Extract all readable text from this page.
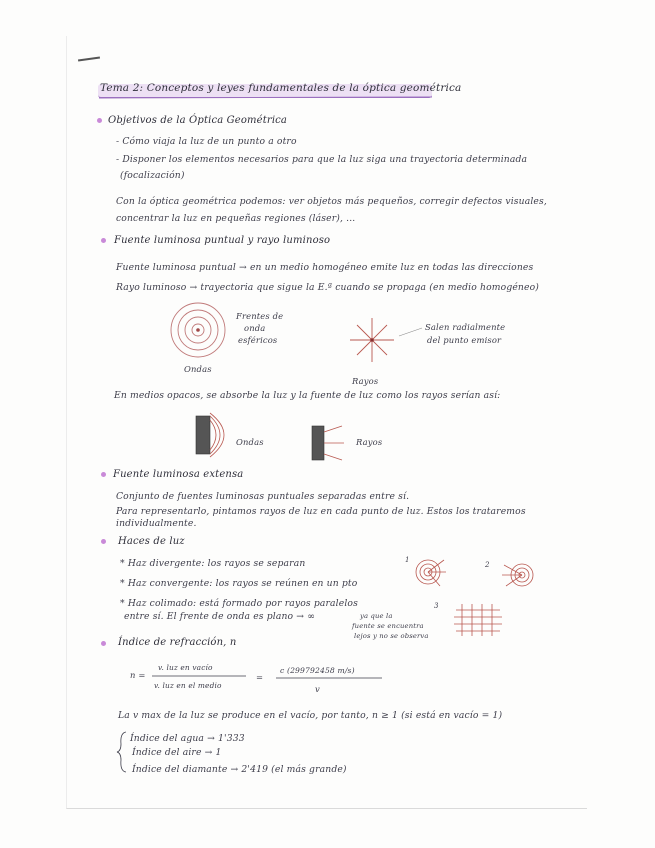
Tema 2: Conceptos y leyes fundamentales de la óptica geométrica
Objetivos de la Óptica Geométrica
- Cómo viaja la luz de un punto a otro
- Disponer los elementos necesarios para que la luz siga una trayectoria determinada
(focalización)
Con la óptica geométrica podemos: ver objetos más pequeños, corregir defectos visuales,
concentrar la luz en pequeñas regiones (láser), ...
Fuente luminosa puntual y rayo luminoso
Fuente luminosa puntual → en un medio homogéneo emite luz en todas las direcciones
Rayo luminoso → trayectoria que sigue la E.ª cuando se propaga (en medio homogéneo)
Frentes de
onda
esféricos
Ondas
Rayos
Salen radialmente
del punto emisor
En medios opacos, se absorbe la luz y la fuente de luz como los rayos serían así:
Ondas	Rayos
Fuente luminosa extensa
Conjunto de fuentes luminosas puntuales separadas entre sí.
Para representarlo, pintamos rayos de luz en cada punto de luz. Estos los trataremos
individualmente.
Haces de luz
* Haz divergente: los rayos se separan
* Haz convergente: los rayos se reúnen en un pto
* Haz colimado: está formado por rayos paralelos
entre sí. El frente de onda es plano → ∞	ya que la
fuente se encuentra
lejos y no se observa
1
2
3
Índice de refracción, n
n =
v. luz en vacío
v. luz en el medio
=
c (299792458 m/s)
v
La v max de la luz se produce en el vacío, por tanto, n ≥ 1 (si está en vacío = 1)
Índice del agua → 1'333
Índice del aire → 1
Índice del diamante → 2'419 (el más grande)
